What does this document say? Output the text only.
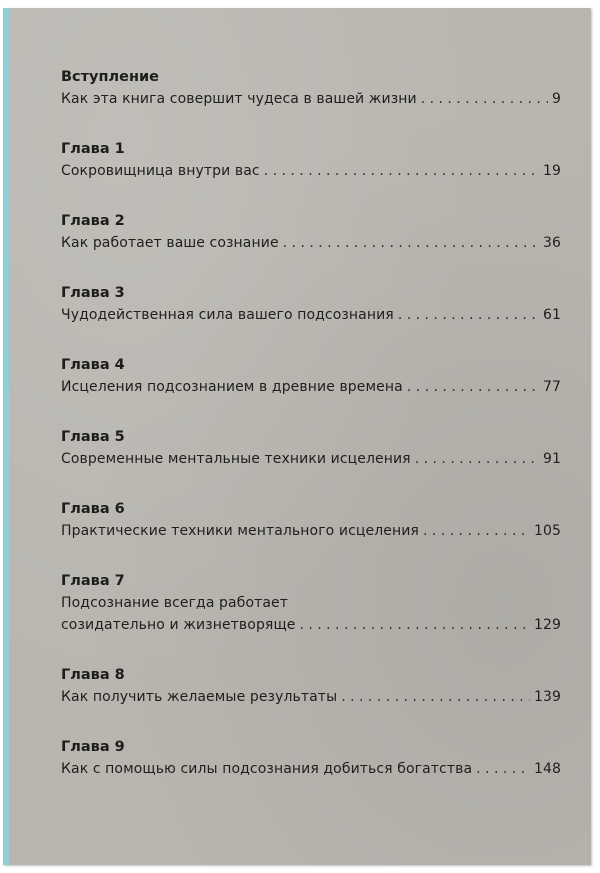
Вступление
Как эта книга совершит чудеса в вашей жизни . . .	9
Глава 1
Сокровищница внутри вас . . .	19
Глава 2
Как работает ваше сознание . . .	36
Глава 3
Чудодейственная сила вашего подсознания . . .	61
Глава 4
Исцеления подсознанием в древние времена . . .	77
Глава 5
Современные ментальные техники исцеления . . .	91
Глава 6
Практические техники ментального исцеления . . .	105
Глава 7
Подсознание всегда работает
созидательно и жизнетворяще . . .	129
Глава 8
Как получить желаемые результаты . . .	139
Глава 9
Как с помощью силы подсознания добиться богатства . . .	148
